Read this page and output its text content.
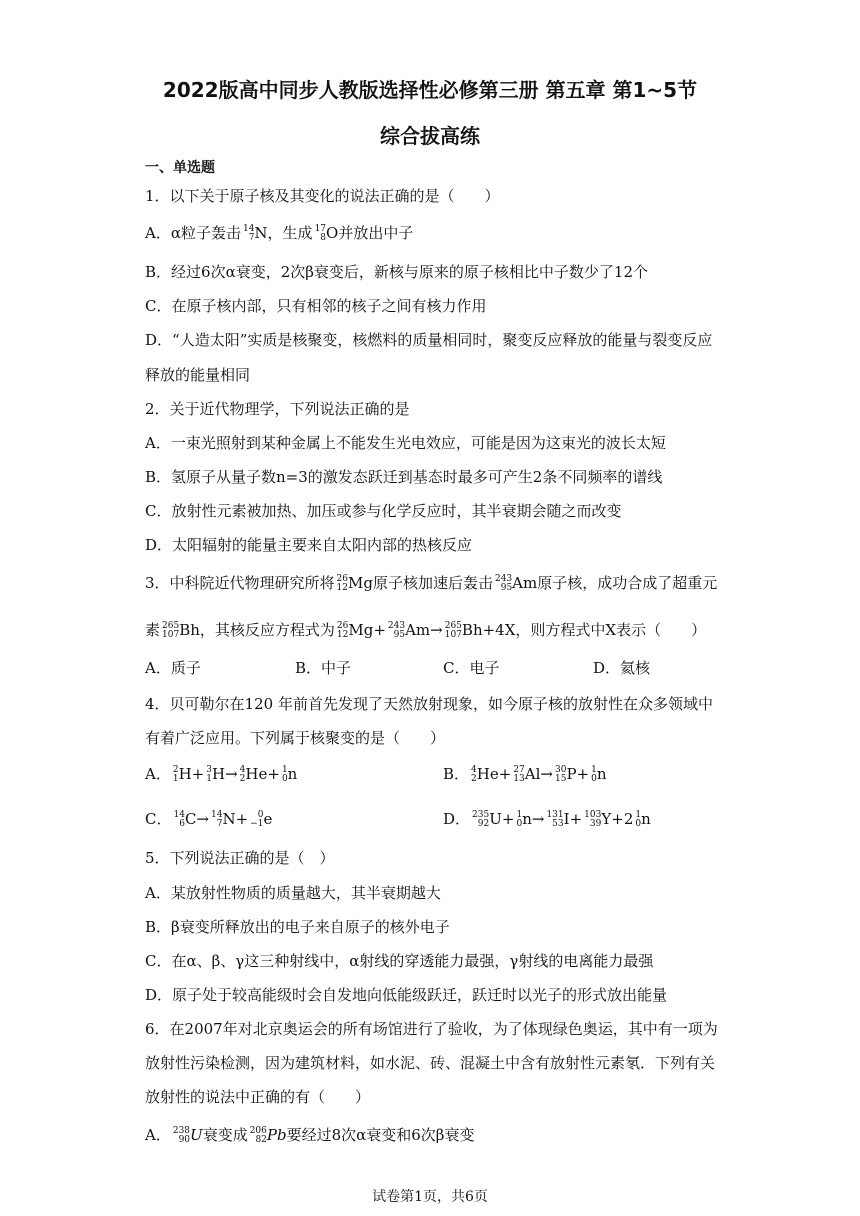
2022版高中同步人教版选择性必修第三册 第五章 第1~5节
综合拔高练
一、单选题
1．以下关于原子核及其变化的说法正确的是（　　）
A．α粒子轰击 14
7 N，生成 17
8 O并放出中子
B．经过6次α衰变，2次β衰变后，新核与原来的原子核相比中子数少了12个
C．在原子核内部，只有相邻的核子之间有核力作用
D．“人造太阳”实质是核聚变，核燃料的质量相同时，聚变反应释放的能量与裂变反应
释放的能量相同
2．关于近代物理学，下列说法正确的是
A．一束光照射到某种金属上不能发生光电效应，可能是因为这束光的波长太短
B．氢原子从量子数n=3的激发态跃迁到基态时最多可产生2条不同频率的谱线
C．放射性元素被加热、加压或参与化学反应时，其半衰期会随之而改变
D．太阳辐射的能量主要来自太阳内部的热核反应
3．中科院近代物理研究所将 26
12 Mg原子核加速后轰击 243
95 Am原子核，成功合成了超重元
素 265
107 Bh，其核反应方程式为 26
12 Mg+ 243
95 Am→ 265
107 Bh+4X，则方程式中X表示（　　）
A．质子	B．中子	C．电子	D．氦核
4．贝可勒尔在120 年前首先发现了天然放射现象，如今原子核的放射性在众多领域中
有着广泛应用。下列属于核聚变的是（　　）
A． 2
1 H+ 3
1 H→ 4
2 He+ 1
0 n	B． 4
2 He+ 27
13 Al→ 30
15 P+ 1
0 n
C． 14
6 C→ 14
7 N+	0
−1 e	D． 235
92 U+ 1
0 n→ 131
53 I+ 103
39 Y+2 1
0 n
5．下列说法正确的是（　）
A．某放射性物质的质量越大，其半衰期越大
B．β衰变所释放出的电子来自原子的核外电子
C．在α、β、γ这三种射线中，α射线的穿透能力最强，γ射线的电离能力最强
D．原子处于较高能级时会自发地向低能级跃迁，跃迁时以光子的形式放出能量
6．在2007年对北京奥运会的所有场馆进行了验收，为了体现绿色奥运，其中有一项为
放射性污染检测，因为建筑材料，如水泥、砖、混凝土中含有放射性元素氡．下列有关
放射性的说法中正确的有（　　）
A． 238
90 U衰变成 206
82 Pb要经过8次α衰变和6次β衰变
试卷第1页，共6页
